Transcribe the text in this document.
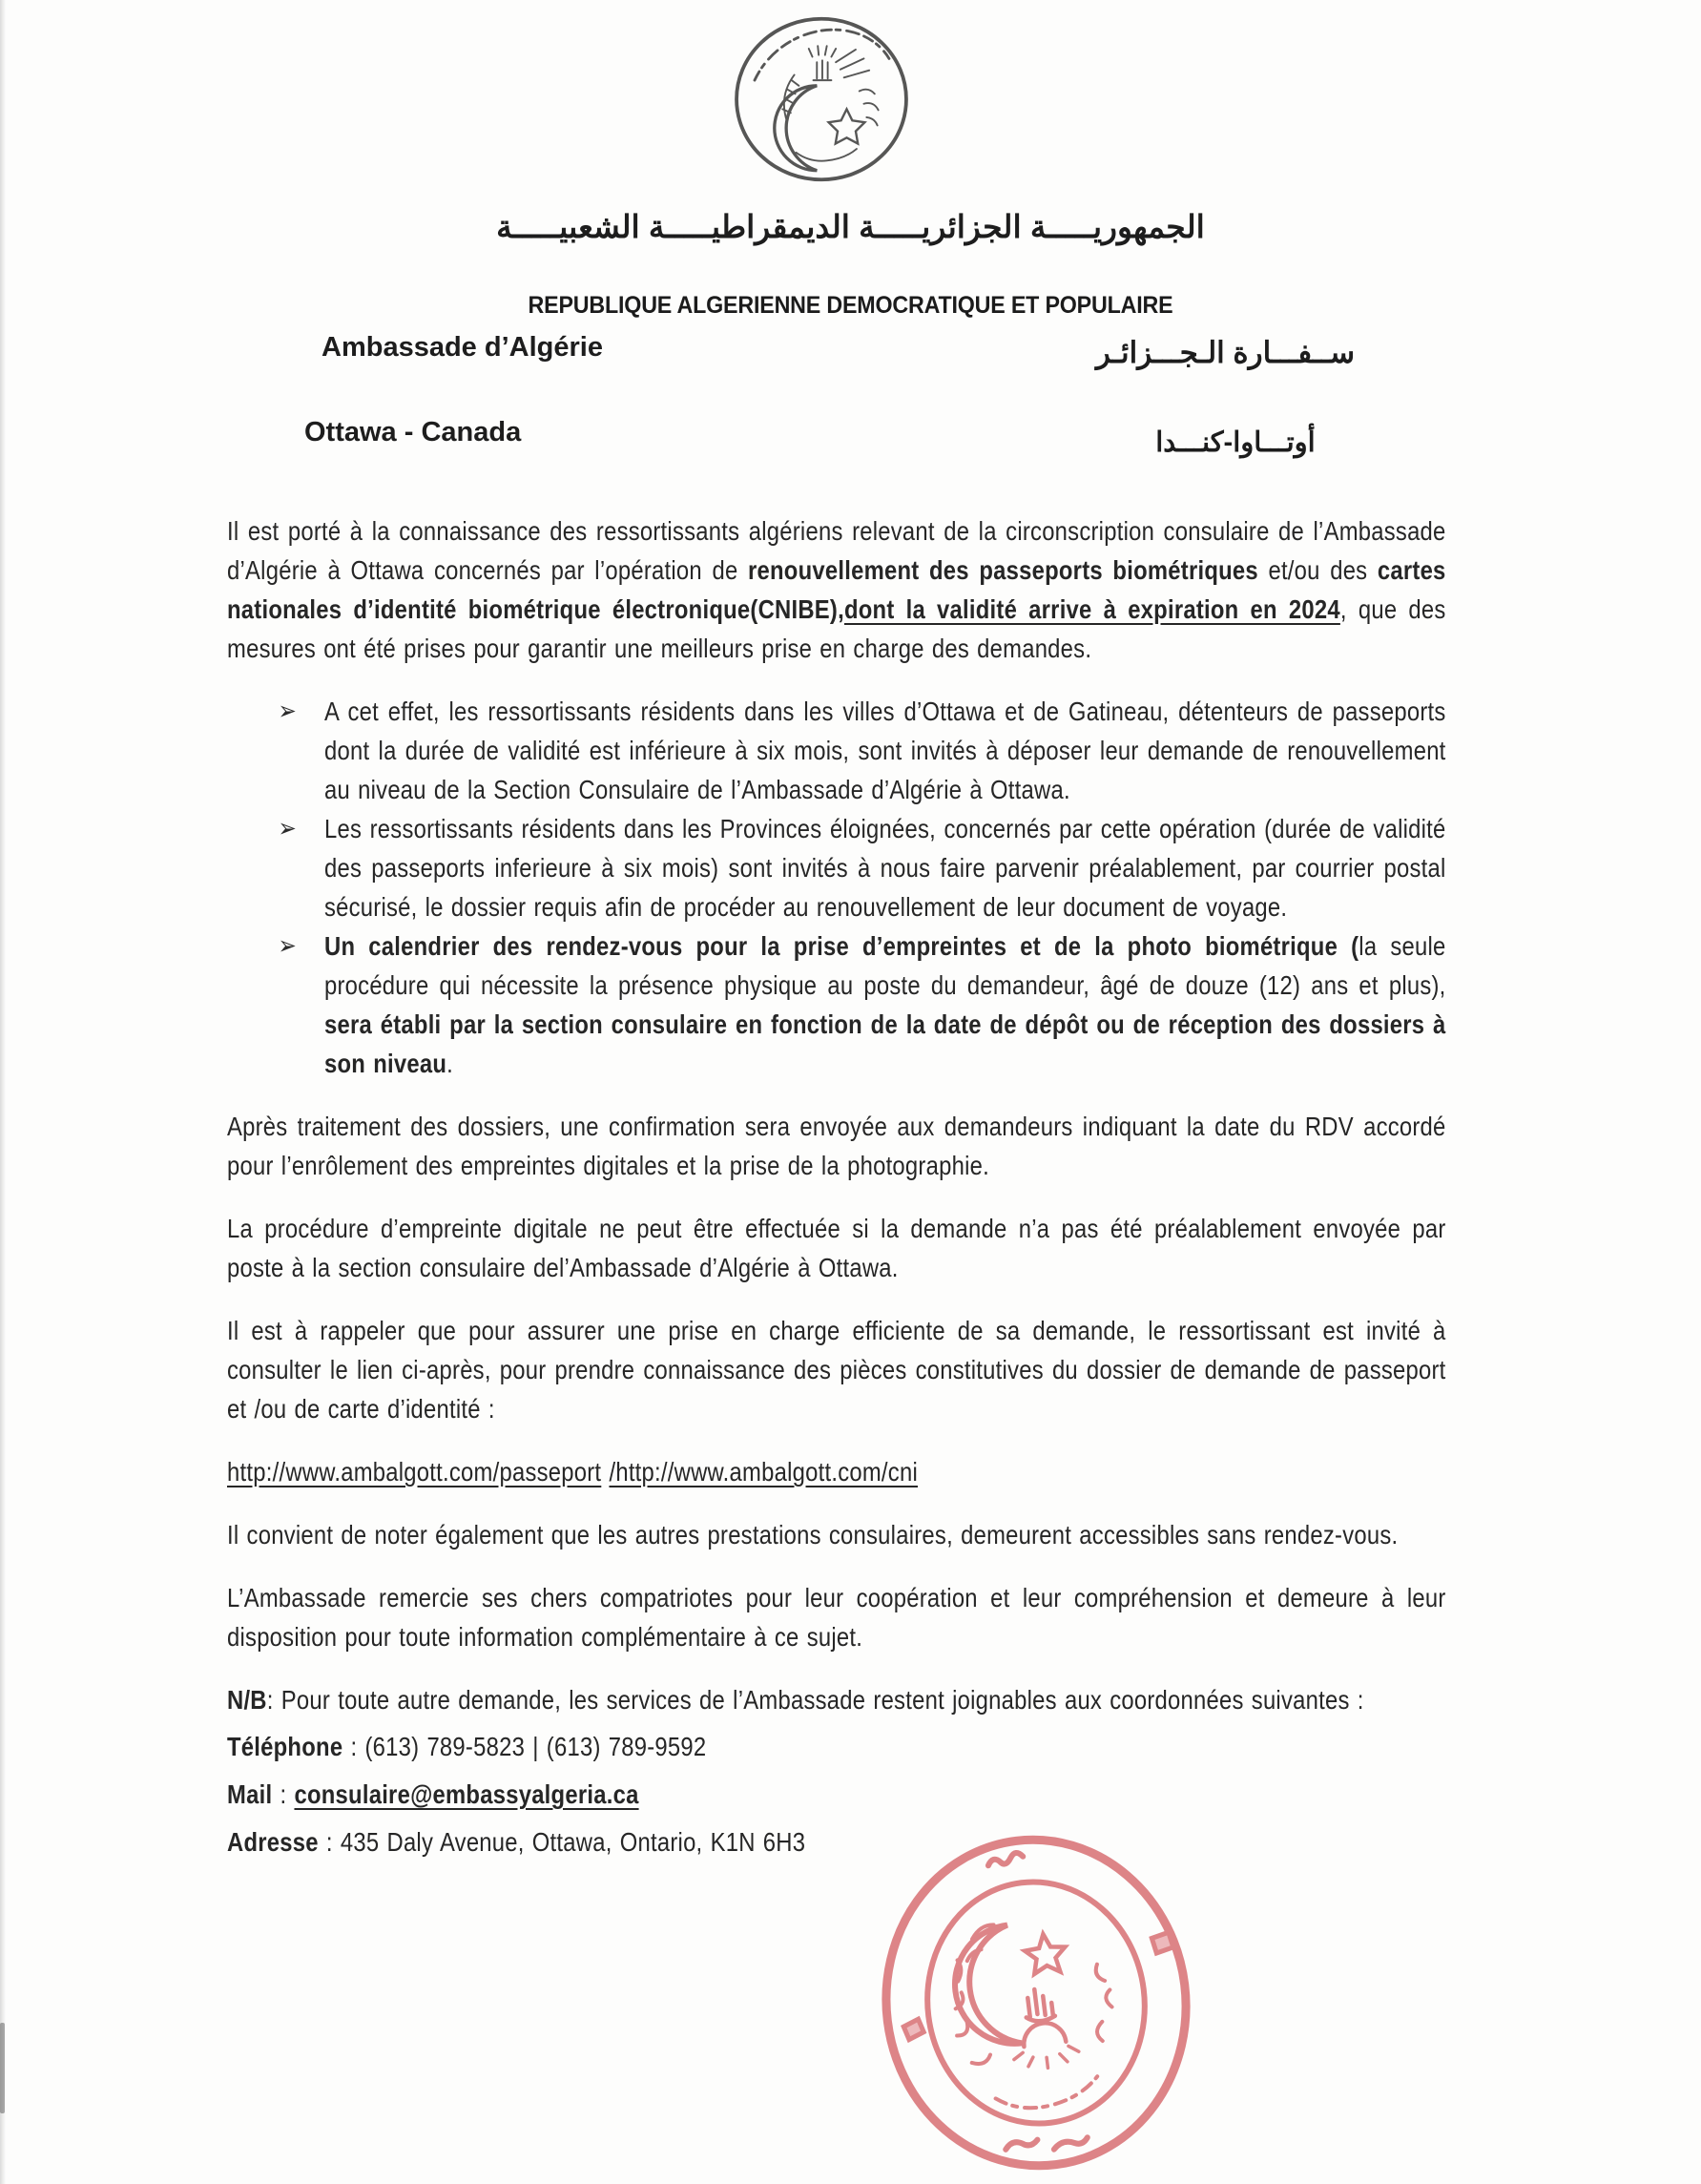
الجمهوريـــــة الجزائريـــــة الديمقراطيـــــة الشعبيـــــة
REPUBLIQUE ALGERIENNE DEMOCRATIQUE ET POPULAIRE
Ambassade d’Algérie	ســفـــارة الـجـــزائـر
Ottawa - Canada	أوتـــاوا-كنـــدا

Il est porté à la connaissance des ressortissants algériens relevant de la circonscription consulaire de l’Ambassade d’Algérie à Ottawa concernés par l’opération de renouvellement des passeports biométriques et/ou des cartes nationales d’identité biométrique électronique(CNIBE),dont la validité arrive à expiration en 2024, que des mesures ont été prises pour garantir une meilleurs prise en charge des demandes.

➢	A cet effet, les ressortissants résidents dans les villes d’Ottawa et de Gatineau, détenteurs de passeports dont la durée de validité est inférieure à six mois, sont invités à déposer leur demande de renouvellement au niveau de la Section Consulaire de l’Ambassade d’Algérie à Ottawa.
➢	Les ressortissants résidents dans les Provinces éloignées, concernés par cette opération (durée de validité des passeports inferieure à six mois) sont invités à nous faire parvenir préalablement, par courrier postal sécurisé, le dossier requis afin de procéder au renouvellement de leur document de voyage.
➢	Un calendrier des rendez-vous pour la prise d’empreintes et de la photo biométrique (la seule procédure qui nécessite la présence physique au poste du demandeur, âgé de douze (12) ans et plus), sera établi par la section consulaire en fonction de la date de dépôt ou de réception des dossiers à son niveau.

Après traitement des dossiers, une confirmation sera envoyée aux demandeurs indiquant la date du RDV accordé pour l’enrôlement des empreintes digitales et la prise de la photographie.

La procédure d’empreinte digitale ne peut être effectuée si la demande n’a pas été préalablement envoyée par poste à la section consulaire del’Ambassade d’Algérie à Ottawa.

Il est à rappeler que pour assurer une prise en charge efficiente de sa demande, le ressortissant est invité à consulter le lien ci-après, pour prendre connaissance des pièces constitutives du dossier de demande de passeport et /ou de carte d’identité :

http://www.ambalgott.com/passeport /http://www.ambalgott.com/cni

Il convient de noter également que les autres prestations consulaires, demeurent accessibles sans rendez-vous.

L’Ambassade remercie ses chers compatriotes pour leur coopération et leur compréhension et demeure à leur disposition pour toute information complémentaire à ce sujet.

N/B: Pour toute autre demande, les services de l’Ambassade restent joignables aux coordonnées suivantes :

Téléphone : (613) 789-5823 | (613) 789-9592
Mail : consulaire@embassyalgeria.ca
Adresse : 435 Daly Avenue, Ottawa, Ontario, K1N 6H3
